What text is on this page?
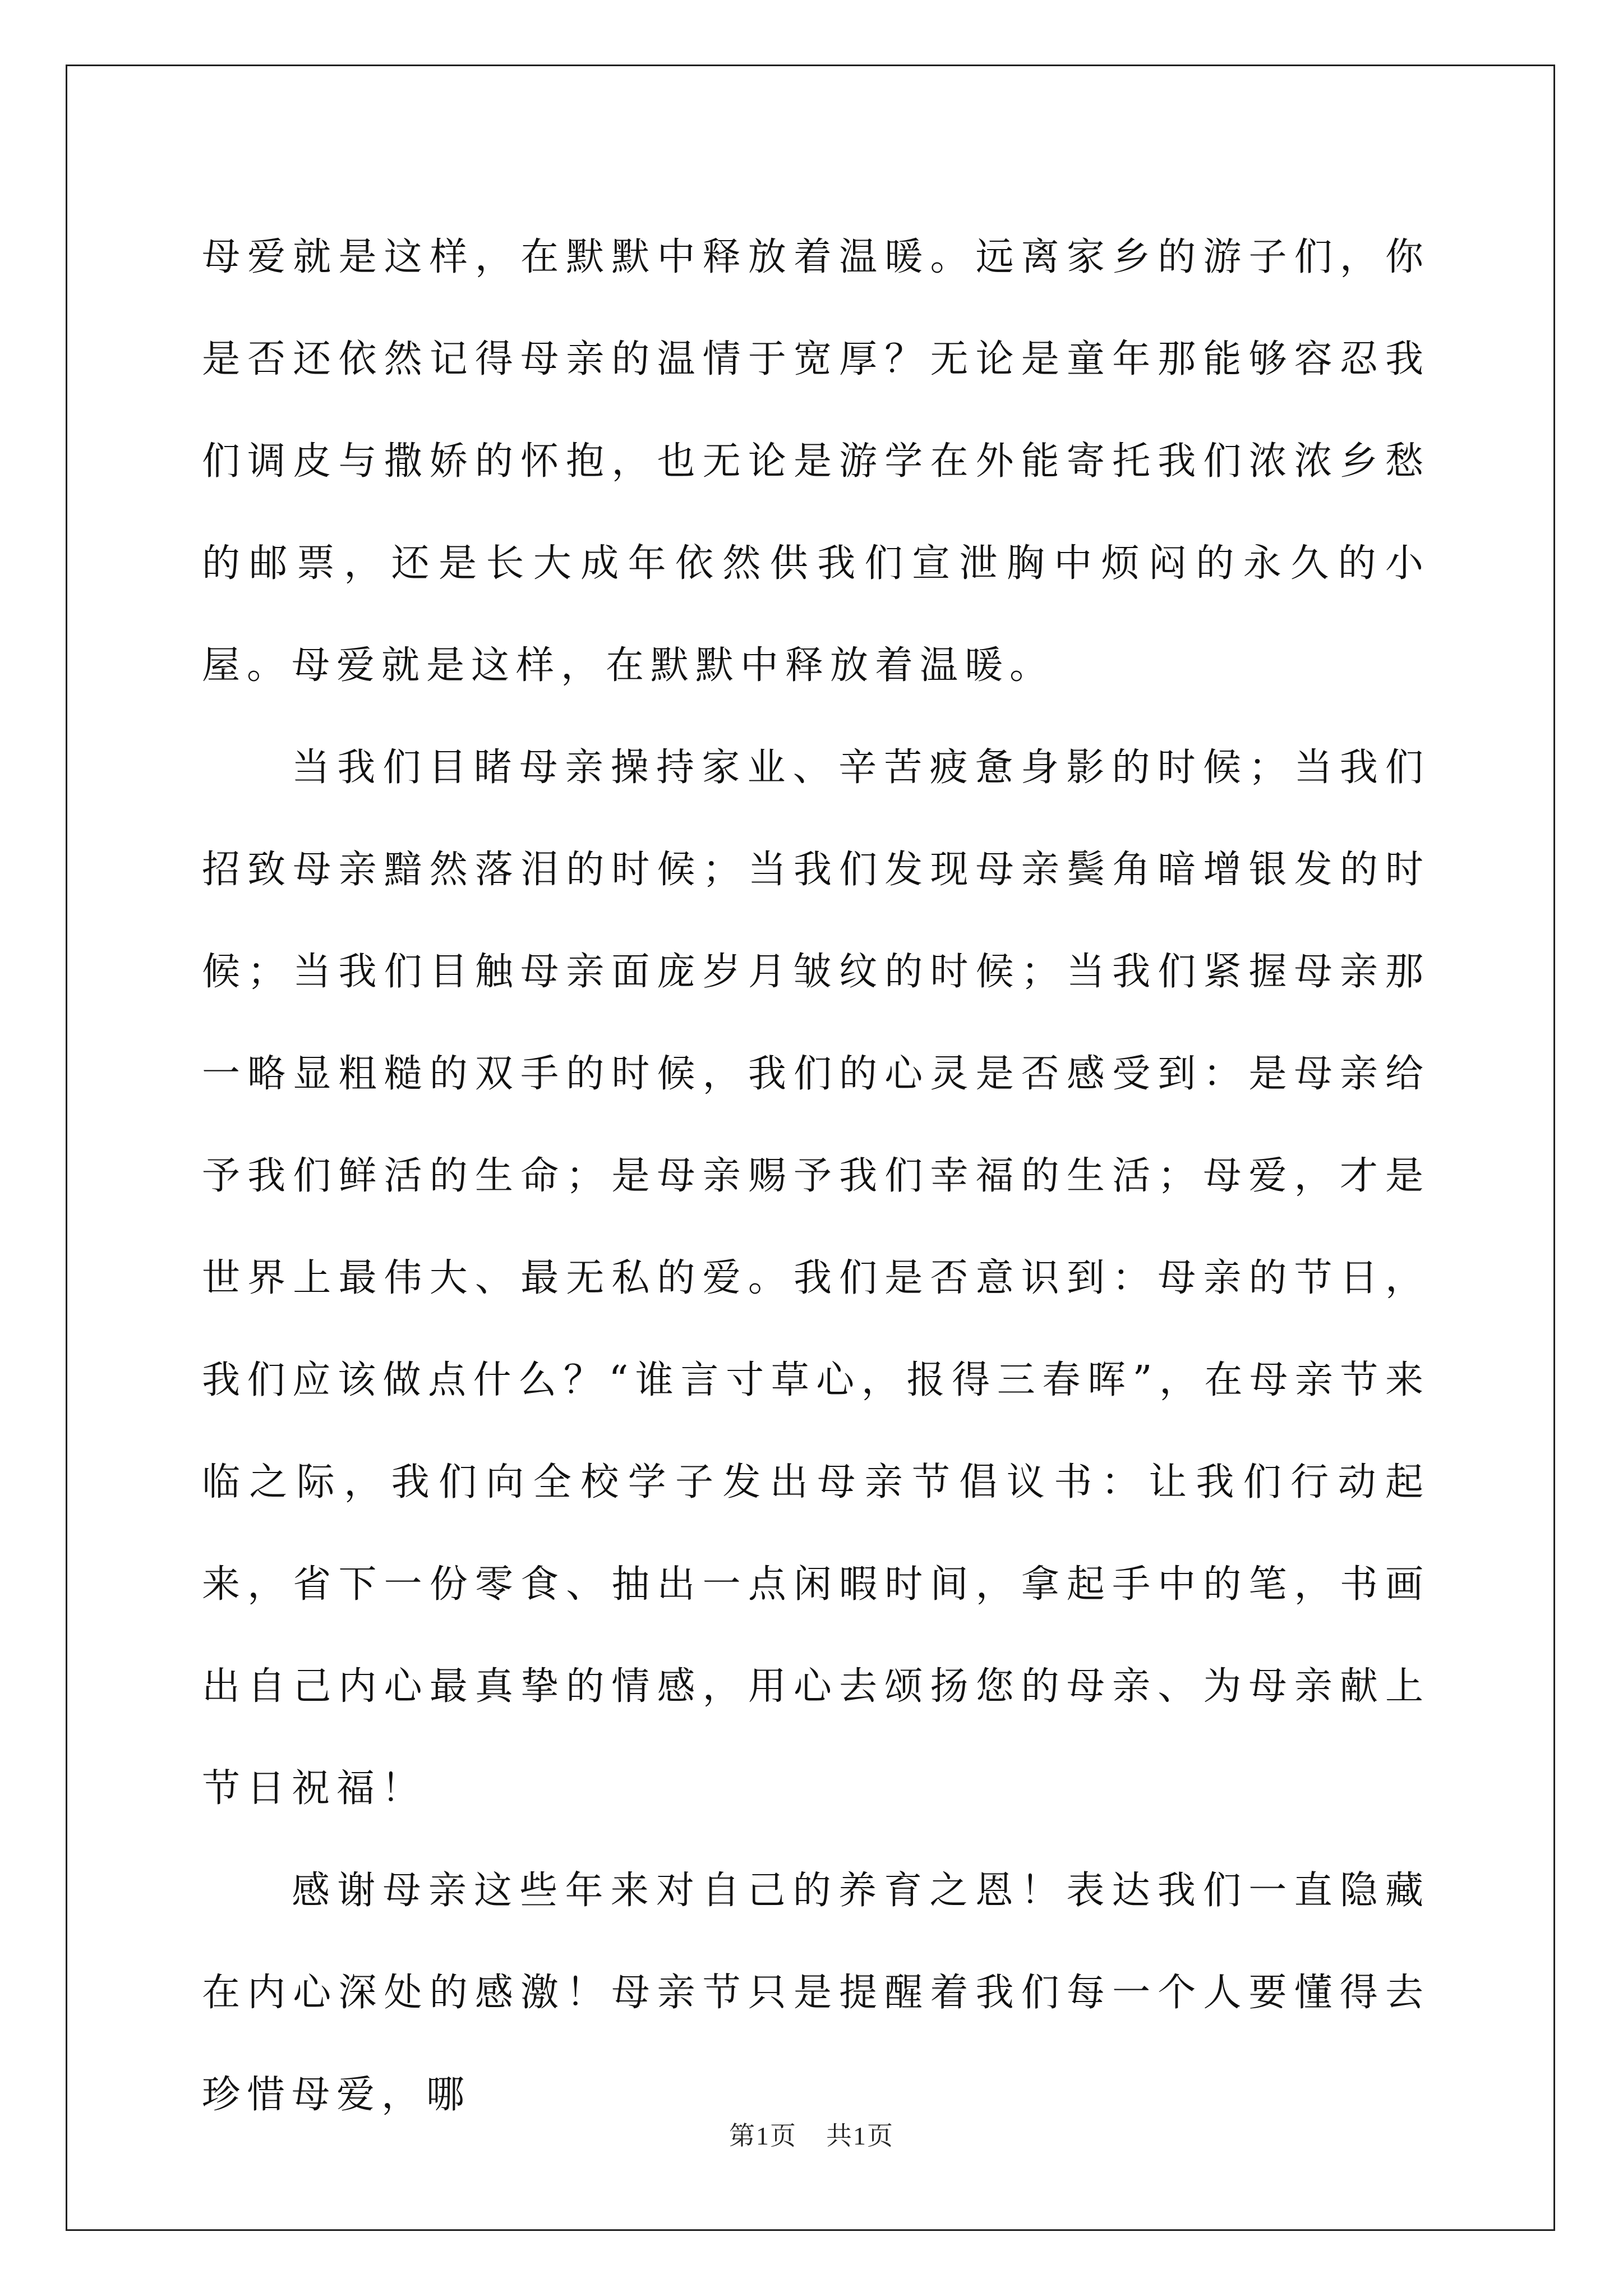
母爱就是这样，在默默中释放着温暖。远离家乡的游子们，你是否还依然记得母亲的温情于宽厚？无论是童年那能够容忍我们调皮与撒娇的怀抱，也无论是游学在外能寄托我们浓浓乡愁的邮票，还是长大成年依然供我们宣泄胸中烦闷的永久的小屋。母爱就是这样，在默默中释放着温暖。

当我们目睹母亲操持家业、辛苦疲惫身影的时候；当我们招致母亲黯然落泪的时候；当我们发现母亲鬓角暗增银发的时候；当我们目触母亲面庞岁月皱纹的时候；当我们紧握母亲那一略显粗糙的双手的时候，我们的心灵是否感受到：是母亲给予我们鲜活的生命；是母亲赐予我们幸福的生活；母爱，才是世界上最伟大、最无私的爱。我们是否意识到：母亲的节日，我们应该做点什么？“谁言寸草心，报得三春晖”，在母亲节来临之际，我们向全校学子发出母亲节倡议书：让我们行动起来，省下一份零食、抽出一点闲暇时间，拿起手中的笔，书画出自己内心最真挚的情感，用心去颂扬您的母亲、为母亲献上节日祝福！

感谢母亲这些年来对自己的养育之恩！表达我们一直隐藏在内心深处的感激！母亲节只是提醒着我们每一个人要懂得去珍惜母爱，哪

第1页 共1页
